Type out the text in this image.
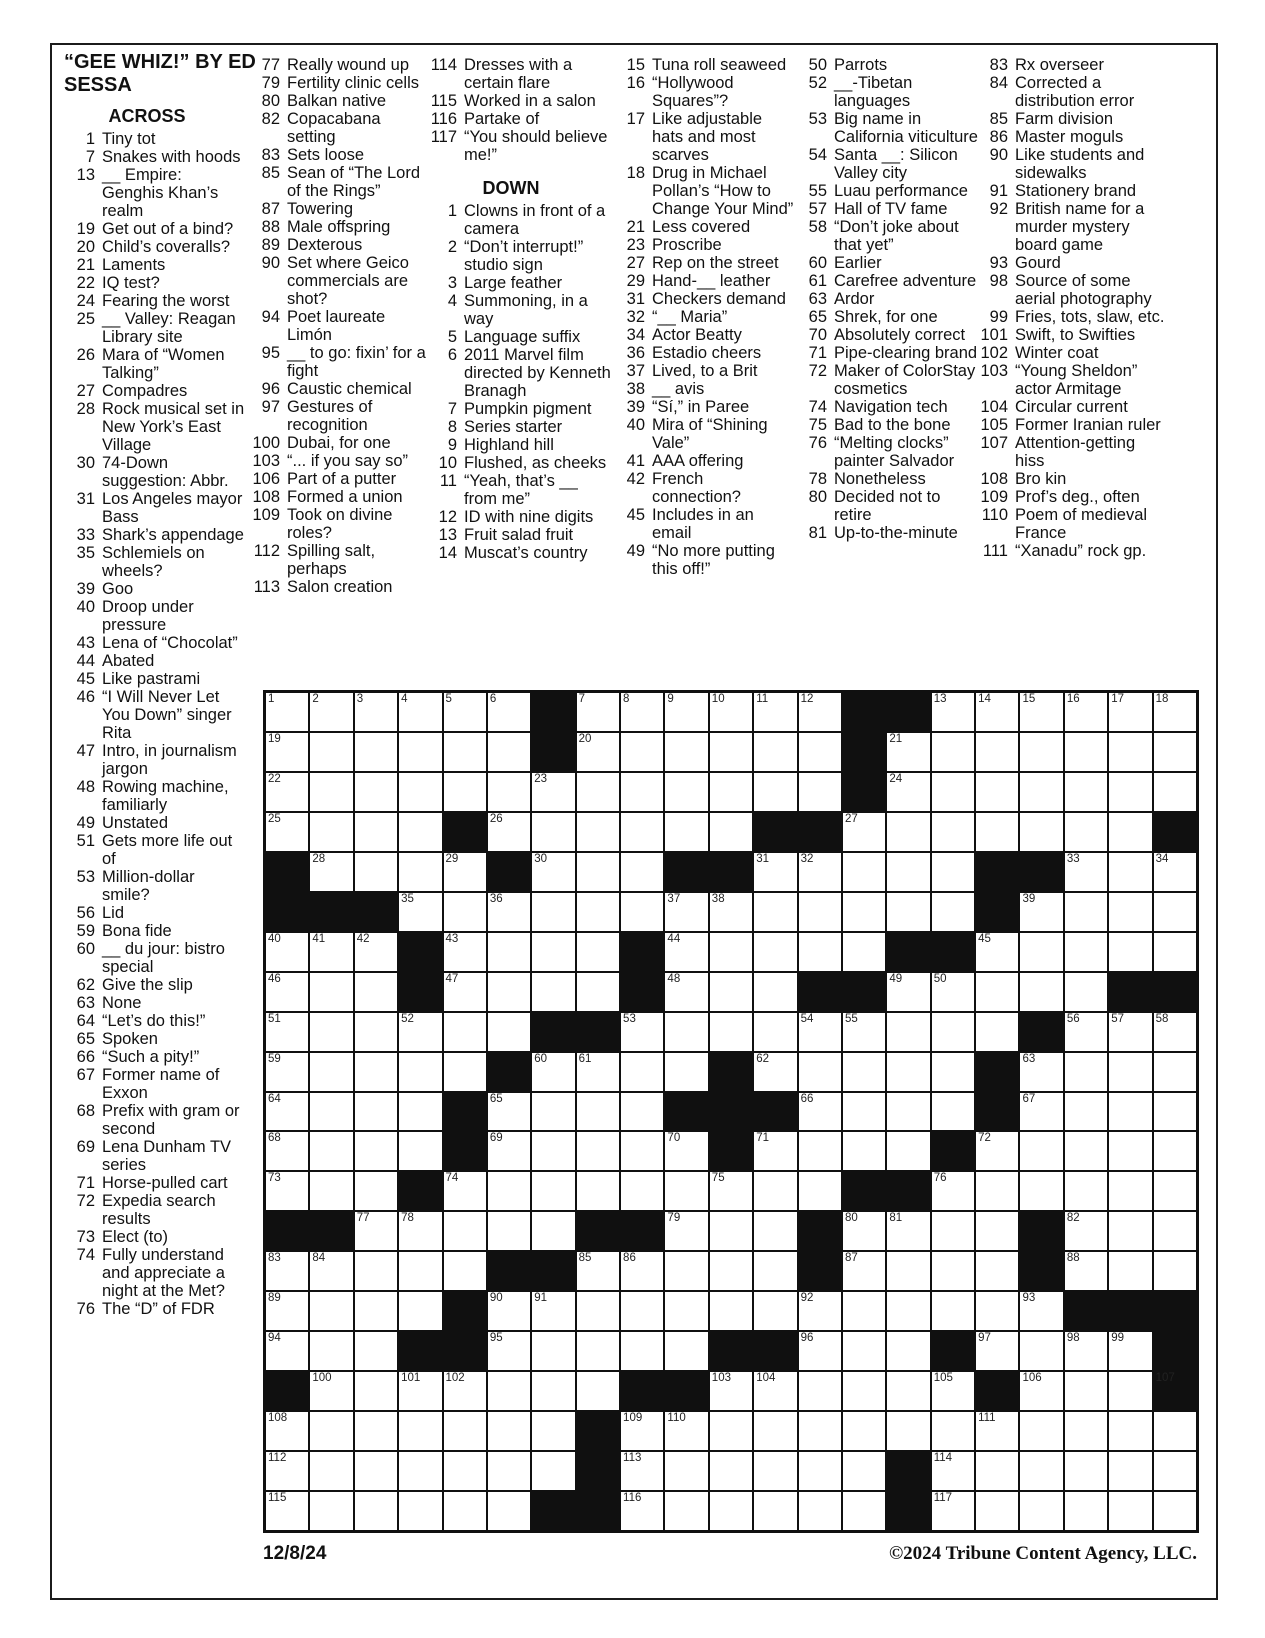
“GEE WHIZ!” BY ED SESSA
ACROSS
1 Tiny tot
7 Snakes with hoods
13 __ Empire: Genghis Khan’s realm
19 Get out of a bind?
20 Child’s coveralls?
21 Laments
22 IQ test?
24 Fearing the worst
25 __ Valley: Reagan Library site
26 Mara of “Women Talking”
27 Compadres
28 Rock musical set in New York’s East Village
30 74-Down suggestion: Abbr.
31 Los Angeles mayor Bass
33 Shark’s appendage
35 Schlemiels on wheels?
39 Goo
40 Droop under pressure
43 Lena of “Chocolat”
44 Abated
45 Like pastrami
46 “I Will Never Let You Down” singer Rita
47 Intro, in journalism jargon
48 Rowing machine, familiarly
49 Unstated
51 Gets more life out of
53 Million-dollar smile?
56 Lid
59 Bona fide
60 __ du jour: bistro special
62 Give the slip
63 None
64 “Let’s do this!”
65 Spoken
66 “Such a pity!”
67 Former name of Exxon
68 Prefix with gram or second
69 Lena Dunham TV series
71 Horse-pulled cart
72 Expedia search results
73 Elect (to)
74 Fully understand and appreciate a night at the Met?
76 The “D” of FDR
77 Really wound up
79 Fertility clinic cells
80 Balkan native
82 Copacabana setting
83 Sets loose
85 Sean of “The Lord of the Rings”
87 Towering
88 Male offspring
89 Dexterous
90 Set where Geico commercials are shot?
94 Poet laureate Limón
95 __ to go: fixin’ for a fight
96 Caustic chemical
97 Gestures of recognition
100 Dubai, for one
103 “... if you say so”
106 Part of a putter
108 Formed a union
109 Took on divine roles?
112 Spilling salt, perhaps
113 Salon creation
114 Dresses with a certain flare
115 Worked in a salon
116 Partake of
117 “You should believe me!”
DOWN
1 Clowns in front of a camera
2 “Don’t interrupt!” studio sign
3 Large feather
4 Summoning, in a way
5 Language suffix
6 2011 Marvel film directed by Kenneth Branagh
7 Pumpkin pigment
8 Series starter
9 Highland hill
10 Flushed, as cheeks
11 “Yeah, that’s __ from me”
12 ID with nine digits
13 Fruit salad fruit
14 Muscat’s country
15 Tuna roll seaweed
16 “Hollywood Squares”?
17 Like adjustable hats and most scarves
18 Drug in Michael Pollan’s “How to Change Your Mind”
21 Less covered
23 Proscribe
27 Rep on the street
29 Hand-__ leather
31 Checkers demand
32 “__ Maria”
34 Actor Beatty
36 Estadio cheers
37 Lived, to a Brit
38 __ avis
39 “Sí,” in Paree
40 Mira of “Shining Vale”
41 AAA offering
42 French connection?
45 Includes in an email
49 “No more putting this off!”
50 Parrots
52 __-Tibetan languages
53 Big name in California viticulture
54 Santa __: Silicon Valley city
55 Luau performance
57 Hall of TV fame
58 “Don’t joke about that yet”
60 Earlier
61 Carefree adventure
63 Ardor
65 Shrek, for one
70 Absolutely correct
71 Pipe-clearing brand
72 Maker of ColorStay cosmetics
74 Navigation tech
75 Bad to the bone
76 “Melting clocks” painter Salvador
78 Nonetheless
80 Decided not to retire
81 Up-to-the-minute
83 Rx overseer
84 Corrected a distribution error
85 Farm division
86 Master moguls
90 Like students and sidewalks
91 Stationery brand
92 British name for a murder mystery board game
93 Gourd
98 Source of some aerial photography
99 Fries, tots, slaw, etc.
101 Swift, to Swifties
102 Winter coat
103 “Young Sheldon” actor Armitage
104 Circular current
105 Former Iranian ruler
107 Attention-getting hiss
108 Bro kin
109 Prof’s deg., often
110 Poem of medieval France
111 “Xanadu” rock gp.
1	2	3	4	5	6	7	8	9	10	11	12	13	14	15	16	17	18
19	20	21
22	23	24
25	26	27
28	29	30	31	32	33	34
35	36	37	38	39
40	41	42	43	44	45
46	47	48	49	50
51	52	53	54	55	56	57	58
59	60	61	62	63
64	65	66	67
68	69	70	71	72
73	74	75	76
77	78	79	80	81	82
83	84	85	86	87	88
89	90	91	92	93
94	95	96	97	98	99
100	101 102	103 104	105	106	107
108	109 110	111
112	113	114
115	116	117
12/8/24	©2024 Tribune Content Agency, LLC.
